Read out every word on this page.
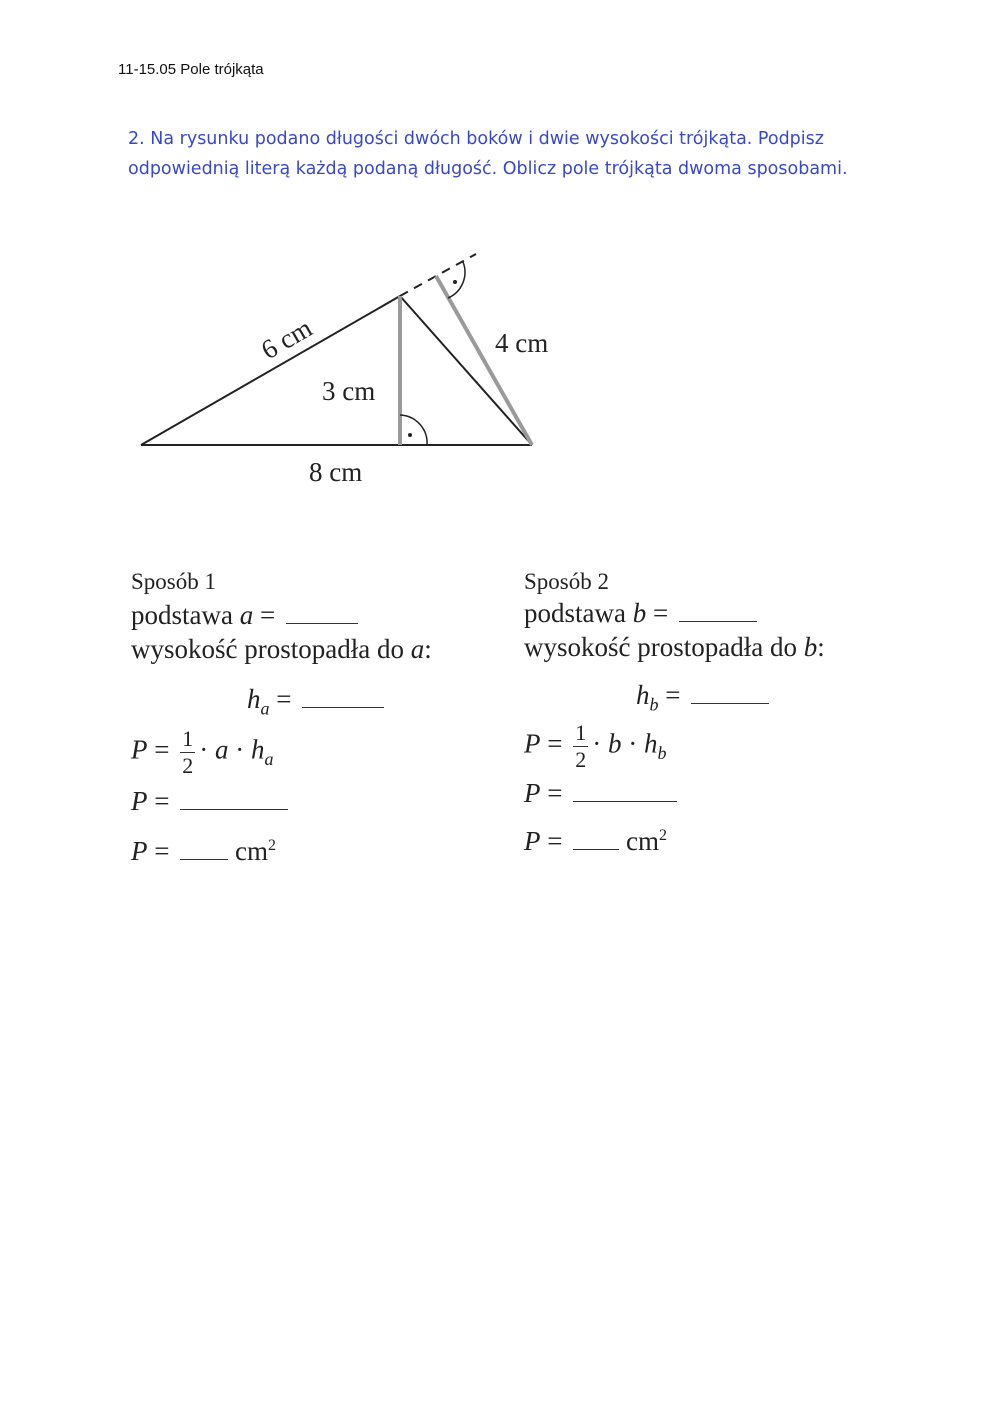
11-15.05 Pole trójkąta
2. Na rysunku podano długości dwóch boków i dwie wysokości trójkąta. Podpisz
odpowiednią literą każdą podaną długość. Oblicz pole trójkąta dwoma sposobami.
6 cm
3 cm
4 cm
8 cm
Sposób 1
podstawa a =
wysokość prostopadła do a:
$h_a$ =
$P = \frac{1}{2} \cdot a \cdot h_a$
P =
$P = cm^2$
Sposób 2
podstawa b =
wysokość prostopadła do b:
$h_b$ =
$P = \frac{1}{2} \cdot b \cdot h_b$
P =
$P = cm^2$
